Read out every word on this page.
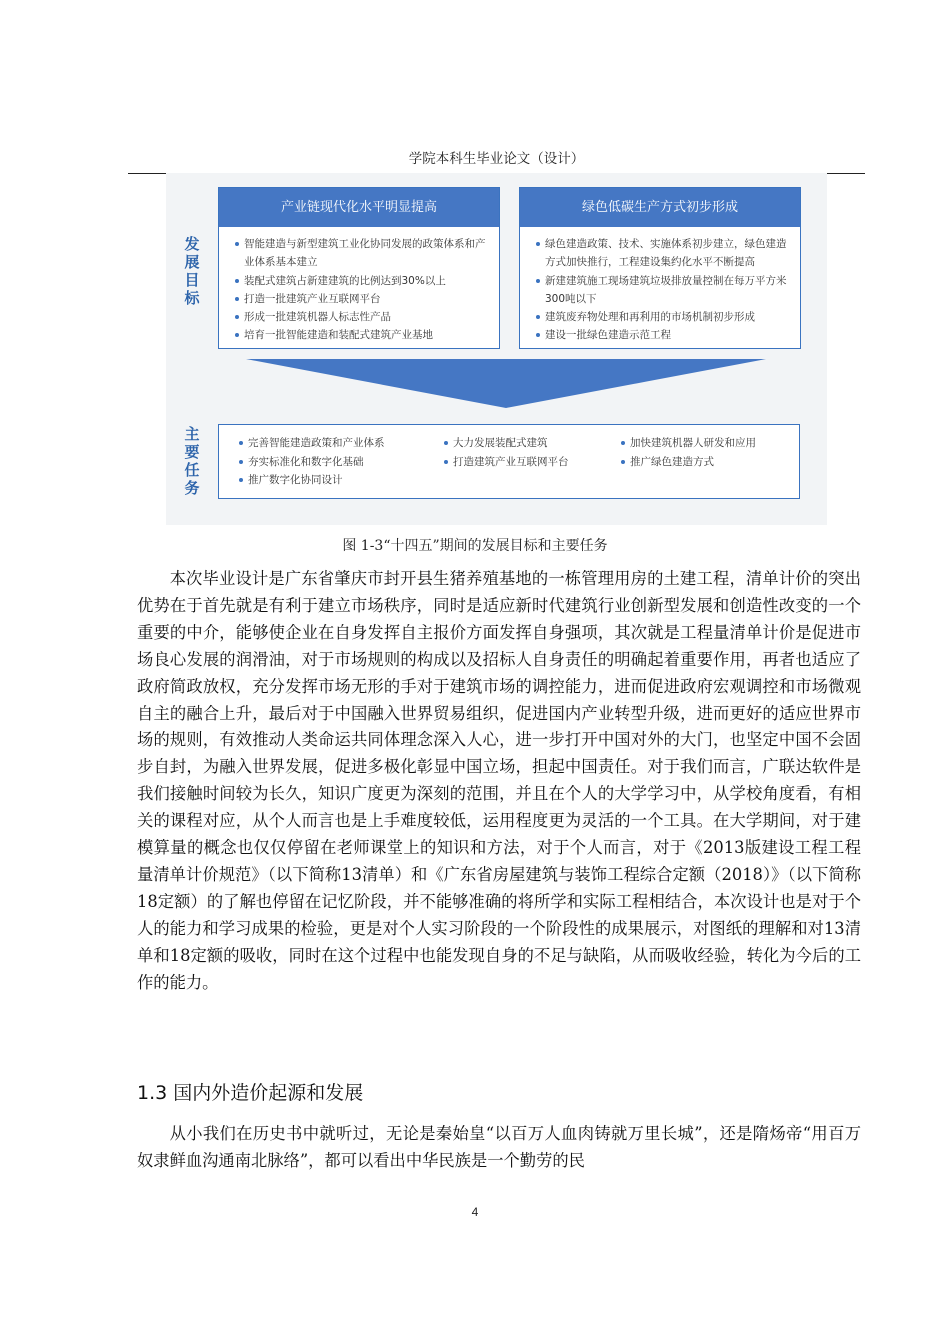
学院本科生毕业论文（设计）
发展目标
产业链现代化水平明显提高
智能建造与新型建筑工业化协同发展的政策体系和产业体系基本建立
装配式建筑占新建建筑的比例达到30%以上
打造一批建筑产业互联网平台
形成一批建筑机器人标志性产品
培育一批智能建造和装配式建筑产业基地
绿色低碳生产方式初步形成
绿色建造政策、技术、实施体系初步建立，绿色建造方式加快推行，工程建设集约化水平不断提高
新建建筑施工现场建筑垃圾排放量控制在每万平方米300吨以下
建筑废弃物处理和再利用的市场机制初步形成
建设一批绿色建造示范工程
主要任务
完善智能建造政策和产业体系
夯实标准化和数字化基础
推广数字化协同设计
大力发展装配式建筑
打造建筑产业互联网平台
加快建筑机器人研发和应用
推广绿色建造方式
图 1-3“十四五”期间的发展目标和主要任务

本次毕业设计是广东省肇庆市封开县生猪养殖基地的一栋管理用房的土建工程，清单计价的突出优势在于首先就是有利于建立市场秩序，同时是适应新时代建筑行业创新型发展和创造性改变的一个重要的中介，能够使企业在自身发挥自主报价方面发挥自身强项，其次就是工程量清单计价是促进市场良心发展的润滑油，对于市场规则的构成以及招标人自身责任的明确起着重要作用，再者也适应了政府简政放权，充分发挥市场无形的手对于建筑市场的调控能力，进而促进政府宏观调控和市场微观自主的融合上升，最后对于中国融入世界贸易组织，促进国内产业转型升级，进而更好的适应世界市场的规则，有效推动人类命运共同体理念深入人心，进一步打开中国对外的大门，也坚定中国不会固步自封，为融入世界发展，促进多极化彰显中国立场，担起中国责任。对于我们而言，广联达软件是我们接触时间较为长久，知识广度更为深刻的范围，并且在个人的大学学习中，从学校角度看，有相关的课程对应，从个人而言也是上手难度较低，运用程度更为灵活的一个工具。在大学期间，对于建模算量的概念也仅仅停留在老师课堂上的知识和方法，对于个人而言，对于《2013版建设工程工程量清单计价规范》（以下简称13清单）和《广东省房屋建筑与装饰工程综合定额（2018）》（以下简称18定额）的了解也停留在记忆阶段，并不能够准确的将所学和实际工程相结合，本次设计也是对于个人的能力和学习成果的检验，更是对个人实习阶段的一个阶段性的成果展示，对图纸的理解和对13清单和18定额的吸收，同时在这个过程中也能发现自身的不足与缺陷，从而吸收经验，转化为今后的工作的能力。

1.3 国内外造价起源和发展

从小我们在历史书中就听过，无论是秦始皇“以百万人血肉铸就万里长城”，还是隋炀帝“用百万奴隶鲜血沟通南北脉络”，都可以看出中华民族是一个勤劳的民

4
